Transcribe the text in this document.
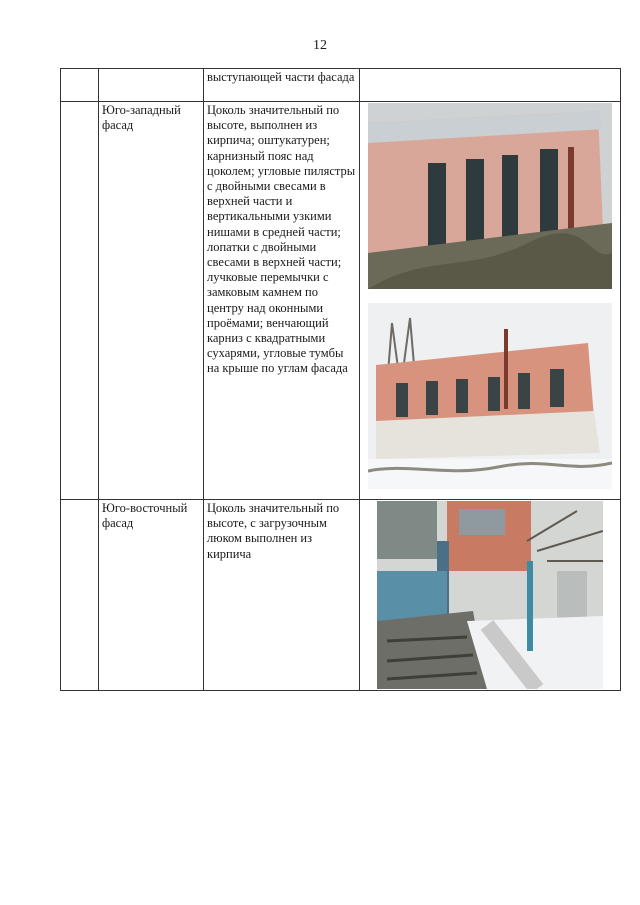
12
		выступающей части фасада	
	Юго-западный фасад	Цоколь значительный по высоте, выполнен из кирпича; оштукатурен; карнизный пояс над цоколем; угловые пилястры с двойными свесами в верхней части и вертикальными узкими нишами в средней части; лопатки с двойными свесами в верхней части; лучковые перемычки с замковым камнем по центру над оконными проёмами; венчающий карниз с квадратными сухарями, угловые тумбы на крыше по углам фасада	

	Юго-восточный фасад	Цоколь значительный по высоте, с загрузочным люком выполнен из кирпича	
